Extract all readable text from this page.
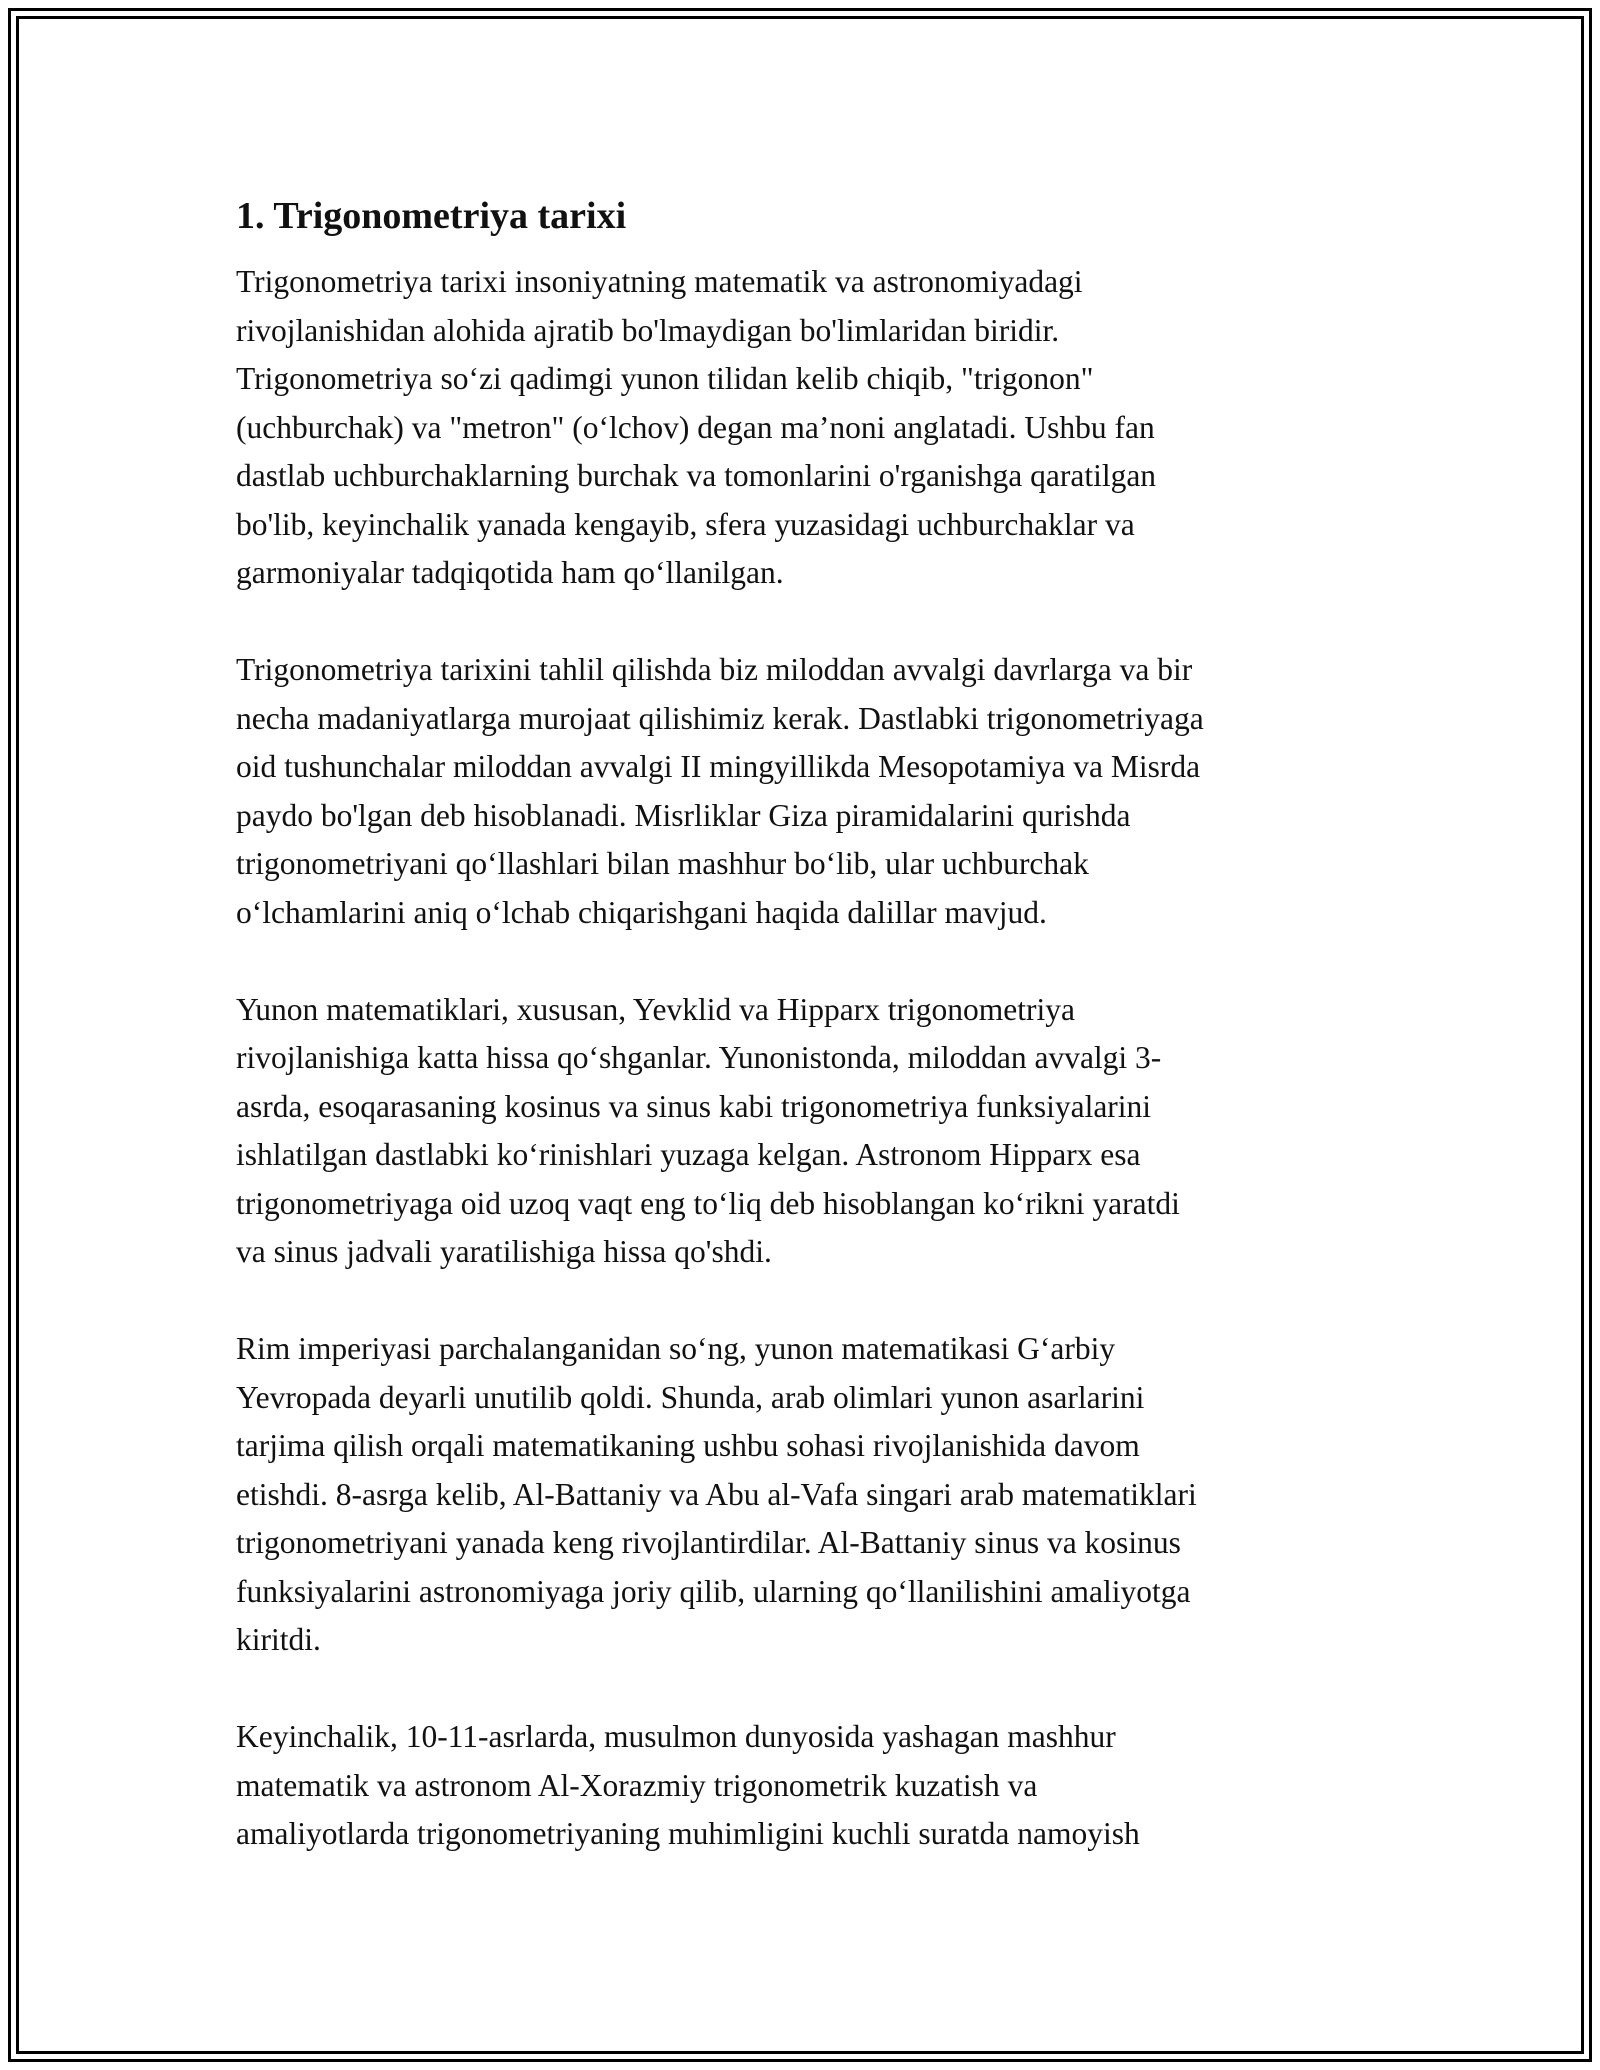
1. Trigonometriya tarixi

Trigonometriya tarixi insoniyatning matematik va astronomiyadagi
rivojlanishidan alohida ajratib bo'lmaydigan bo'limlaridan biridir.
Trigonometriya so‘zi qadimgi yunon tilidan kelib chiqib, "trigonon"
(uchburchak) va "metron" (o‘lchov) degan ma’noni anglatadi. Ushbu fan
dastlab uchburchaklarning burchak va tomonlarini o'rganishga qaratilgan
bo'lib, keyinchalik yanada kengayib, sfera yuzasidagi uchburchaklar va
garmoniyalar tadqiqotida ham qo‘llanilgan.

Trigonometriya tarixini tahlil qilishda biz miloddan avvalgi davrlarga va bir
necha madaniyatlarga murojaat qilishimiz kerak. Dastlabki trigonometriyaga
oid tushunchalar miloddan avvalgi II mingyillikda Mesopotamiya va Misrda
paydo bo'lgan deb hisoblanadi. Misrliklar Giza piramidalarini qurishda
trigonometriyani qo‘llashlari bilan mashhur bo‘lib, ular uchburchak
o‘lchamlarini aniq o‘lchab chiqarishgani haqida dalillar mavjud.

Yunon matematiklari, xususan, Yevklid va Hipparx trigonometriya
rivojlanishiga katta hissa qo‘shganlar. Yunonistonda, miloddan avvalgi 3-
asrda, esoqarasaning kosinus va sinus kabi trigonometriya funksiyalarini
ishlatilgan dastlabki ko‘rinishlari yuzaga kelgan. Astronom Hipparx esa
trigonometriyaga oid uzoq vaqt eng to‘liq deb hisoblangan ko‘rikni yaratdi
va sinus jadvali yaratilishiga hissa qo'shdi.

Rim imperiyasi parchalanganidan so‘ng, yunon matematikasi G‘arbiy
Yevropada deyarli unutilib qoldi. Shunda, arab olimlari yunon asarlarini
tarjima qilish orqali matematikaning ushbu sohasi rivojlanishida davom
etishdi. 8-asrga kelib, Al-Battaniy va Abu al-Vafa singari arab matematiklari
trigonometriyani yanada keng rivojlantirdilar. Al-Battaniy sinus va kosinus
funksiyalarini astronomiyaga joriy qilib, ularning qo‘llanilishini amaliyotga
kiritdi.

Keyinchalik, 10-11-asrlarda, musulmon dunyosida yashagan mashhur
matematik va astronom Al-Xorazmiy trigonometrik kuzatish va
amaliyotlarda trigonometriyaning muhimligini kuchli suratda namoyish
